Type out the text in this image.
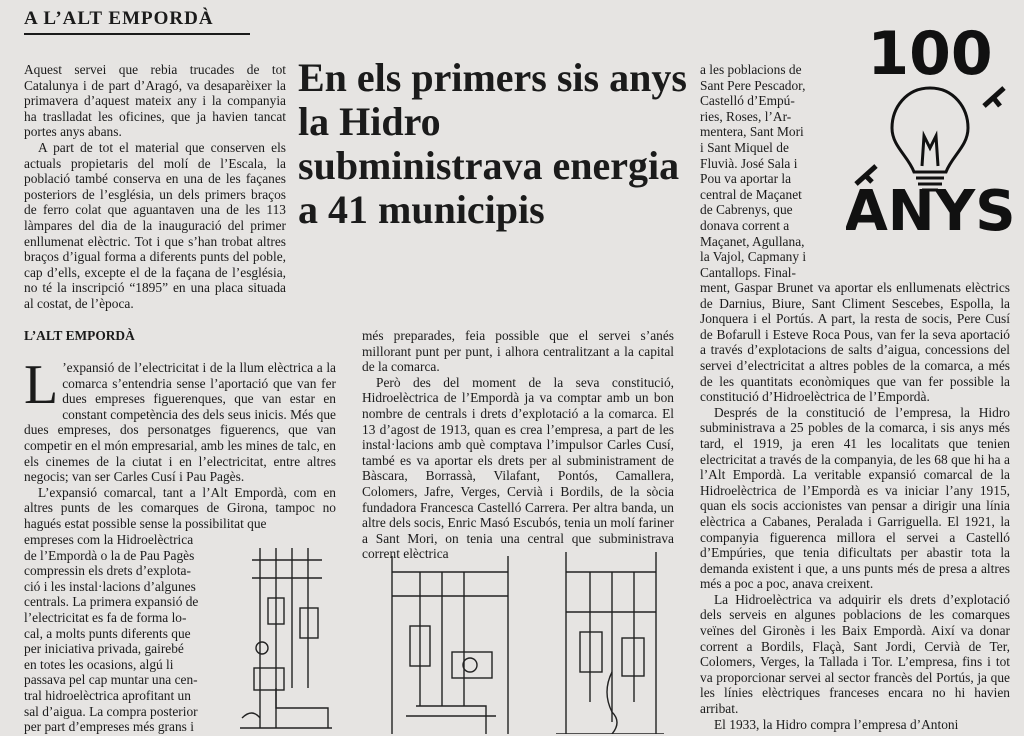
A L’ALT EMPORDÀ

Aquest servei que rebia trucades de tot Catalunya i de part d’Aragó, va desaparèixer la primavera d’aquest mateix any i la companyia ha traslladat les oficines, que ja havien tancat portes anys abans.

A part de tot el material que conserven els actuals propietaris del molí de l’Escala, la població també conserva en una de les façanes posteriors de l’església, un dels primers braços de ferro colat que aguantaven una de les 113 làmpares del dia de la inauguració del primer enllumenat elèctric. Tot i que s’han trobat altres braços d’igual forma a diferents punts del poble, cap d’ells, excepte el de la façana de l’església, no té la inscripció “1895” en una placa situada al costat, de l’època.

En els primers sis anys la Hidro subministrava energia a 41 municipis
100
ANYS
L’ALT EMPORDÀ

L ’expansió de l’electricitat i de la llum elèctrica a la comarca s’entendria sense l’aportació que van fer dues empreses figuerenques, que van estar en constant competència des dels seus inicis. Més que dues empreses, dos personatges figuerencs, que van competir en el món empresarial, amb les mines de talc, en els cinemes de la ciutat i en l’electricitat, entre altres negocis; van ser Carles Cusí i Pau Pagès.

L’expansió comarcal, tant a l’Alt Empordà, com en altres punts de les comarques de Girona, tampoc no hagués estat possible sense la possibilitat que

empreses com la Hidroelèctrica
de l’Empordà o la de Pau Pagès
compressin els drets d’explota-
ció i les instal·lacions d’algunes
centrals. La primera expansió de
l’electricitat es fa de forma lo-
cal, a molts punts diferents que
per iniciativa privada, gairebé
en totes les ocasions, algú li
passava pel cap muntar una cen-
tral hidroelèctrica aprofitant un
sal d’aigua. La compra posterior
per part d’empreses més grans i

més preparades, feia possible que el servei s’anés millorant punt per punt, i alhora centralitzant a la capital de la comarca.

Però des del moment de la seva constitució, Hidroelèctrica de l’Empordà ja va comptar amb un bon nombre de centrals i drets d’explotació a la comarca. El 13 d’agost de 1913, quan es crea l’empresa, a part de les instal·lacions amb què comptava l’impulsor Carles Cusí, també es va aportar els drets per al subministrament de Bàscara, Borrassà, Vilafant, Pontós, Camallera, Colomers, Jafre, Verges, Cervià i Bordils, de la sòcia fundadora Francesca Castelló Carrera. Per altra banda, un altre dels socis, Enric Masó Escubós, tenia un molí fariner a Sant Mori, on tenia una central que subministrava corrent elèctrica

a les poblacions de
Sant Pere Pescador,
Castelló d’Empú-
ries, Roses, l’Ar-
mentera, Sant Mori
i Sant Miquel de
Fluvià. José Sala i
Pou va aportar la
central de Maçanet
de Cabrenys, que
donava corrent a
Maçanet, Agullana,
la Vajol, Capmany i
Cantallops. Final-

ment, Gaspar Brunet va aportar els enllumenats elèctrics de Darnius, Biure, Sant Climent Sescebes, Espolla, la Jonquera i el Portús. A part, la resta de socis, Pere Cusí de Bofarull i Esteve Roca Pous, van fer la seva aportació a través d’explotacions de salts d’aigua, concessions del servei d’electricitat a altres pobles de la comarca, a més de les quantitats econòmiques que van fer possible la constitució d’Hidroelèctrica de l’Empordà.

Després de la constitució de l’empresa, la Hidro subministrava a 25 pobles de la comarca, i sis anys més tard, el 1919, ja eren 41 les localitats que tenien electricitat a través de la companyia, de les 68 que hi ha a l’Alt Empordà. La veritable expansió comarcal de la Hidroelèctrica de l’Empordà es va iniciar l’any 1915, quan els socis accionistes van pensar a dirigir una línia elèctrica a Cabanes, Peralada i Garriguella. El 1921, la companyia figuerenca millora el servei a Castelló d’Empúries, que tenia dificultats per abastir tota la demanda existent i que, a uns punts més de presa a altres més a poc a poc, anava creixent.

La Hidroelèctrica va adquirir els drets d’explotació dels serveis en algunes poblacions de les comarques veïnes del Gironès i les Baix Empordà. Així va donar corrent a Bordils, Flaçà, Sant Jordi, Cervià de Ter, Colomers, Verges, la Tallada i Tor. L’empresa, fins i tot va proporcionar servei al sector francès del Portús, ja que les línies elèctriques franceses encara no hi havien arribat.

El 1933, la Hidro compra l’empresa d’Antoni
